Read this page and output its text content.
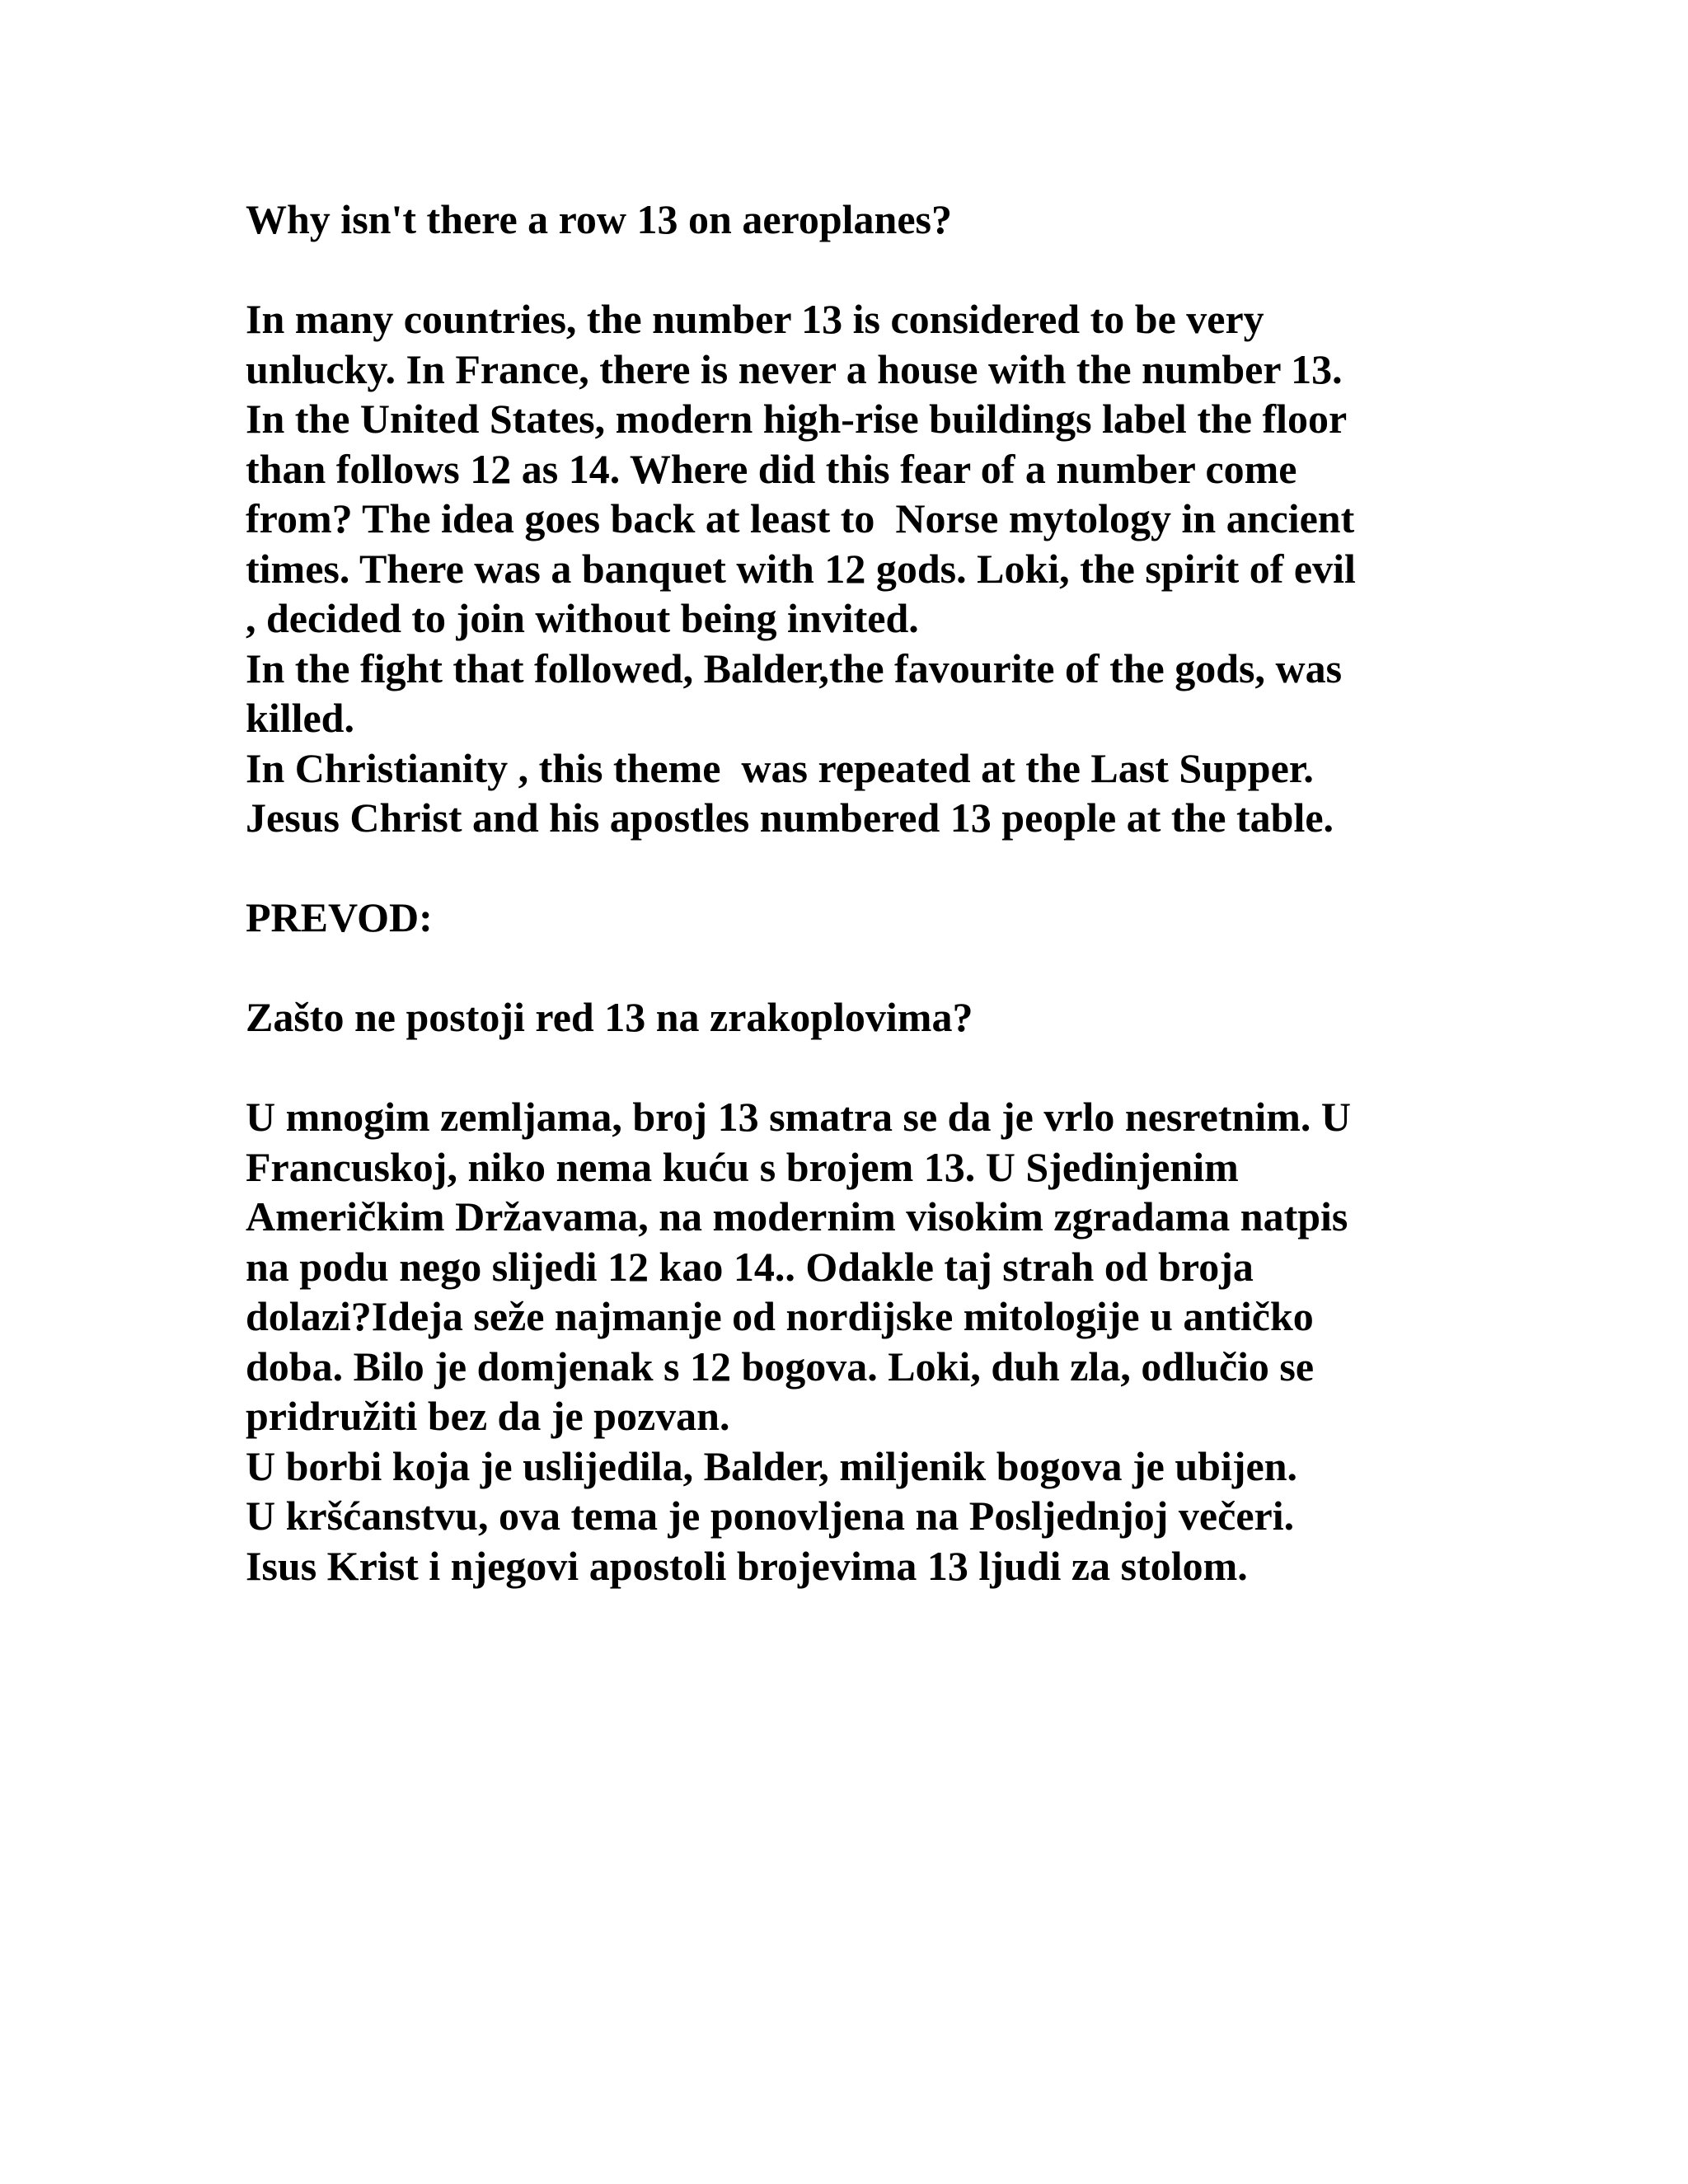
Why isn't there a row 13 on aeroplanes?
In many countries, the number 13 is considered to be very
unlucky. In France, there is never a house with the number 13.
In the United States, modern high-rise buildings label the floor
than follows 12 as 14. Where did this fear of a number come
from? The idea goes back at least to  Norse mytology in ancient
times. There was a banquet with 12 gods. Loki, the spirit of evil
, decided to join without being invited.
In the fight that followed, Balder,the favourite of the gods, was
killed.
In Christianity , this theme  was repeated at the Last Supper.
Jesus Christ and his apostles numbered 13 people at the table.
PREVOD:
Zašto ne postoji red 13 na zrakoplovima?
U mnogim zemljama, broj 13 smatra se da je vrlo nesretnim. U
Francuskoj, niko nema kuću s brojem 13. U Sjedinjenim
Američkim Državama, na modernim visokim zgradama natpis
na podu nego slijedi 12 kao 14.. Odakle taj strah od broja
dolazi?Ideja seže najmanje od nordijske mitologije u antičko
doba. Bilo je domjenak s 12 bogova. Loki, duh zla, odlučio se
pridružiti bez da je pozvan.
U borbi koja je uslijedila, Balder, miljenik bogova je ubijen.
U kršćanstvu, ova tema je ponovljena na Posljednjoj večeri.
Isus Krist i njegovi apostoli brojevima 13 ljudi za stolom.
